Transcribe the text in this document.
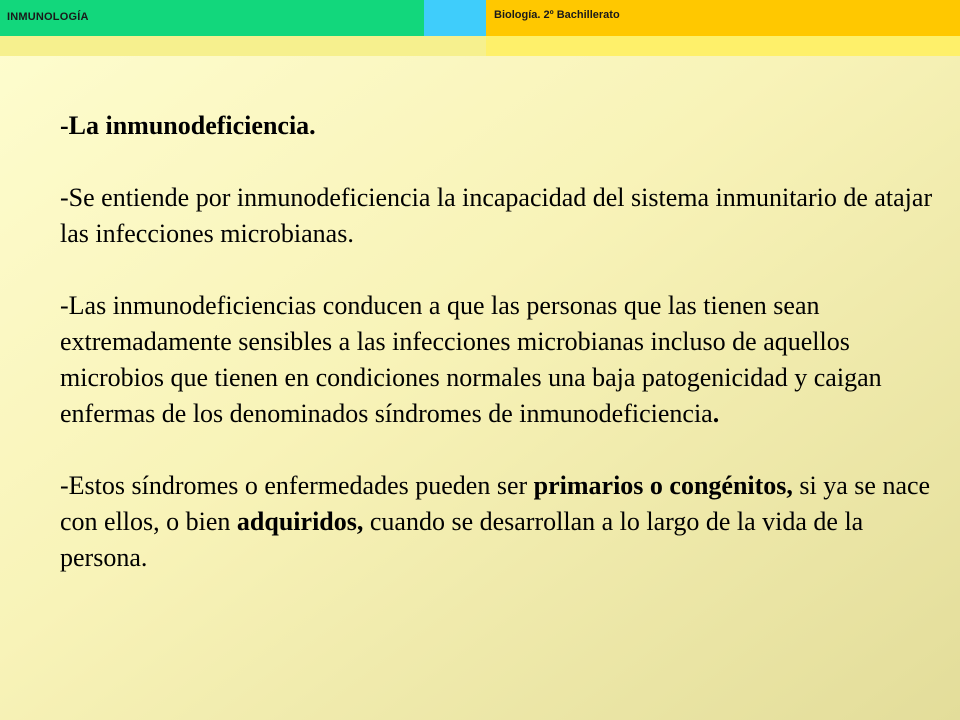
INMUNOLOGÍA	Biología. 2º Bachillerato

-La inmunodeficiencia.

-Se entiende por inmunodeficiencia la incapacidad del sistema inmunitario de atajar las infecciones microbianas.

-Las inmunodeficiencias conducen a que las personas que las tienen sean extremadamente sensibles a las infecciones microbianas incluso de aquellos microbios que tienen en condiciones normales una baja patogenicidad y caigan enfermas de los denominados síndromes de inmunodeficiencia.

-Estos síndromes o enfermedades pueden ser primarios o congénitos, si ya se nace con ellos, o bien adquiridos, cuando se desarrollan a lo largo de la vida de la persona.
